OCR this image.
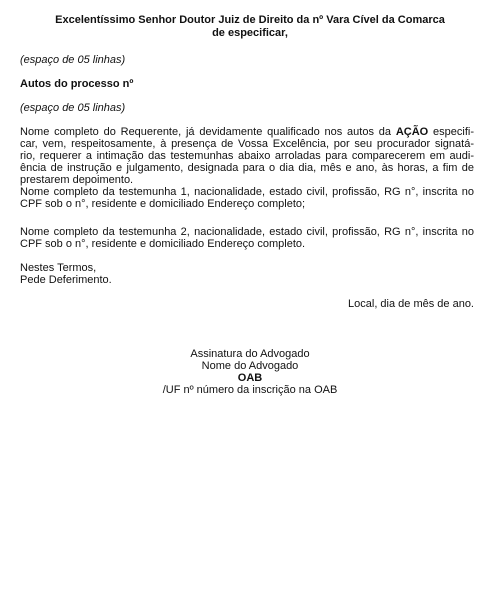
Excelentíssimo Senhor Doutor Juiz de Direito da nº Vara Cível da Comarca
de especificar,
(espaço de 05 linhas)
Autos do processo nº
(espaço de 05 linhas)
Nome completo do Requerente, já devidamente qualificado nos autos da AÇÃO especifi-
car, vem, respeitosamente, à presença de Vossa Excelência, por seu procurador signatá-
rio, requerer a intimação das testemunhas abaixo arroladas para comparecerem em audi-
ência de instrução e julgamento, designada para o dia dia, mês e ano, às horas, a fim de
prestarem depoimento.
Nome completo da testemunha 1, nacionalidade, estado civil, profissão, RG n°, inscrita no
CPF sob o n°, residente e domiciliado Endereço completo;
Nome completo da testemunha 2, nacionalidade, estado civil, profissão, RG n°, inscrita no
CPF sob o n°, residente e domiciliado Endereço completo.
Nestes Termos,
Pede Deferimento.
Local, dia de mês de ano.
Assinatura do Advogado
Nome do Advogado
OAB
/UF nº número da inscrição na OAB
